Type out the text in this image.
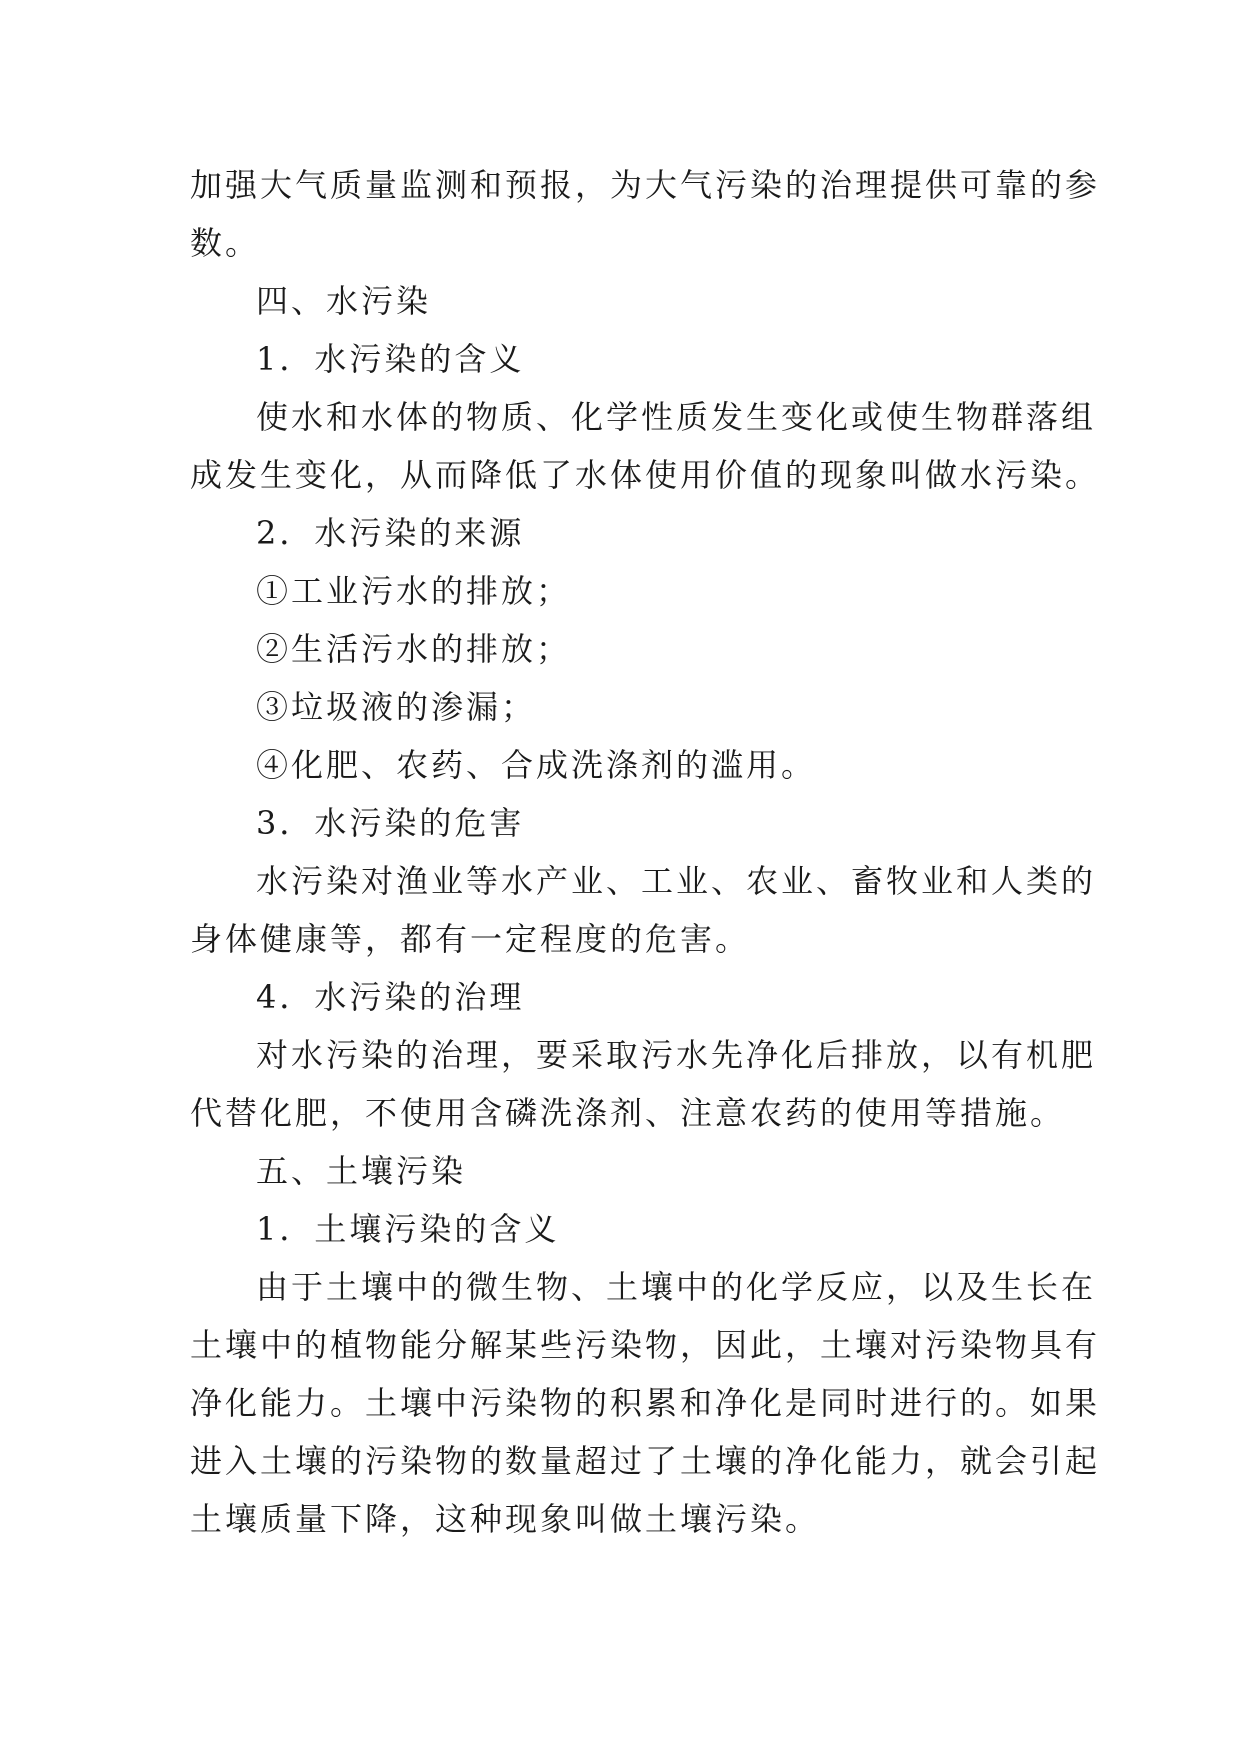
加强大气质量监测和预报，为大气污染的治理提供可靠的参
数。
四、水污染
1．水污染的含义
使水和水体的物质、化学性质发生变化或使生物群落组
成发生变化，从而降低了水体使用价值的现象叫做水污染。
2．水污染的来源
①工业污水的排放；
②生活污水的排放；
③垃圾液的渗漏；
④化肥、农药、合成洗涤剂的滥用。
3．水污染的危害
水污染对渔业等水产业、工业、农业、畜牧业和人类的
身体健康等，都有一定程度的危害。
4．水污染的治理
对水污染的治理，要采取污水先净化后排放，以有机肥
代替化肥，不使用含磷洗涤剂、注意农药的使用等措施。
五、土壤污染
1．土壤污染的含义
由于土壤中的微生物、土壤中的化学反应，以及生长在
土壤中的植物能分解某些污染物，因此，土壤对污染物具有
净化能力。土壤中污染物的积累和净化是同时进行的。如果
进入土壤的污染物的数量超过了土壤的净化能力，就会引起
土壤质量下降，这种现象叫做土壤污染。
